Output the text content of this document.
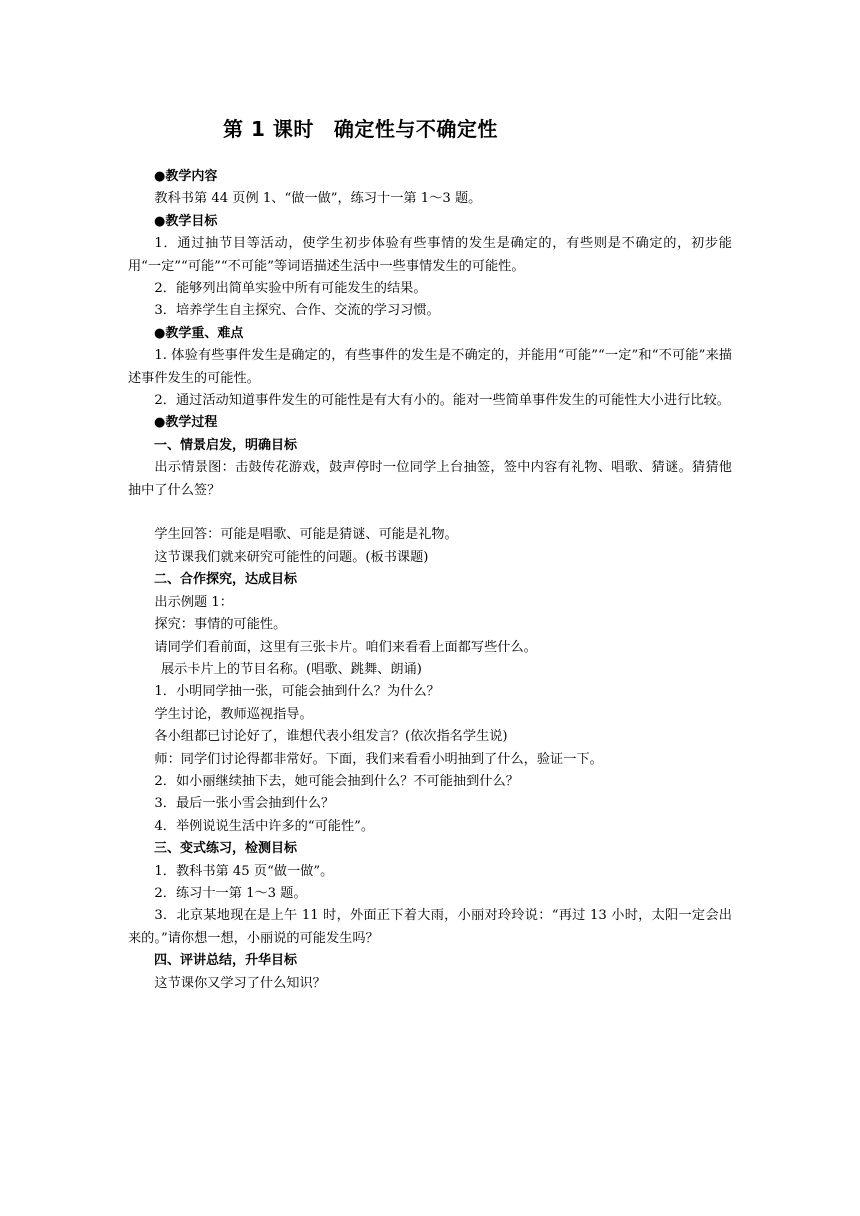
第 1 课时 确定性与不确定性

●教学内容

教科书第 44 页例 1、“做一做”，练习十一第 1～3 题。

●教学目标

1．通过抽节目等活动，使学生初步体验有些事情的发生是确定的，有些则是不确定的，初步能用“一定”“可能”“不可能”等词语描述生活中一些事情发生的可能性。

2．能够列出简单实验中所有可能发生的结果。

3．培养学生自主探究、合作、交流的学习习惯。

●教学重、难点

1. 体验有些事件发生是确定的，有些事件的发生是不确定的，并能用“可能”“一定”和“不可能”来描述事件发生的可能性。

2．通过活动知道事件发生的可能性是有大有小的。能对一些简单事件发生的可能性大小进行比较。

●教学过程

一、情景启发，明确目标

出示情景图：击鼓传花游戏，鼓声停时一位同学上台抽签，签中内容有礼物、唱歌、猜谜。猜猜他抽中了什么签？

学生回答：可能是唱歌、可能是猜谜、可能是礼物。

这节课我们就来研究可能性的问题。(板书课题)

二、合作探究，达成目标

出示例题 1：

探究：事情的可能性。

请同学们看前面，这里有三张卡片。咱们来看看上面都写些什么。

展示卡片上的节目名称。(唱歌、跳舞、朗诵)

1．小明同学抽一张，可能会抽到什么？为什么？

学生讨论，教师巡视指导。

各小组都已讨论好了，谁想代表小组发言？(依次指名学生说)

师：同学们讨论得都非常好。下面，我们来看看小明抽到了什么，验证一下。

2．如小丽继续抽下去，她可能会抽到什么？不可能抽到什么？

3．最后一张小雪会抽到什么？

4．举例说说生活中许多的“可能性”。

三、变式练习，检测目标

1．教科书第 45 页“做一做”。

2．练习十一第 1～3 题。

3．北京某地现在是上午 11 时，外面正下着大雨，小丽对玲玲说：“再过 13 小时，太阳一定会出来的。”请你想一想，小丽说的可能发生吗？

四、评讲总结，升华目标

这节课你又学习了什么知识？
